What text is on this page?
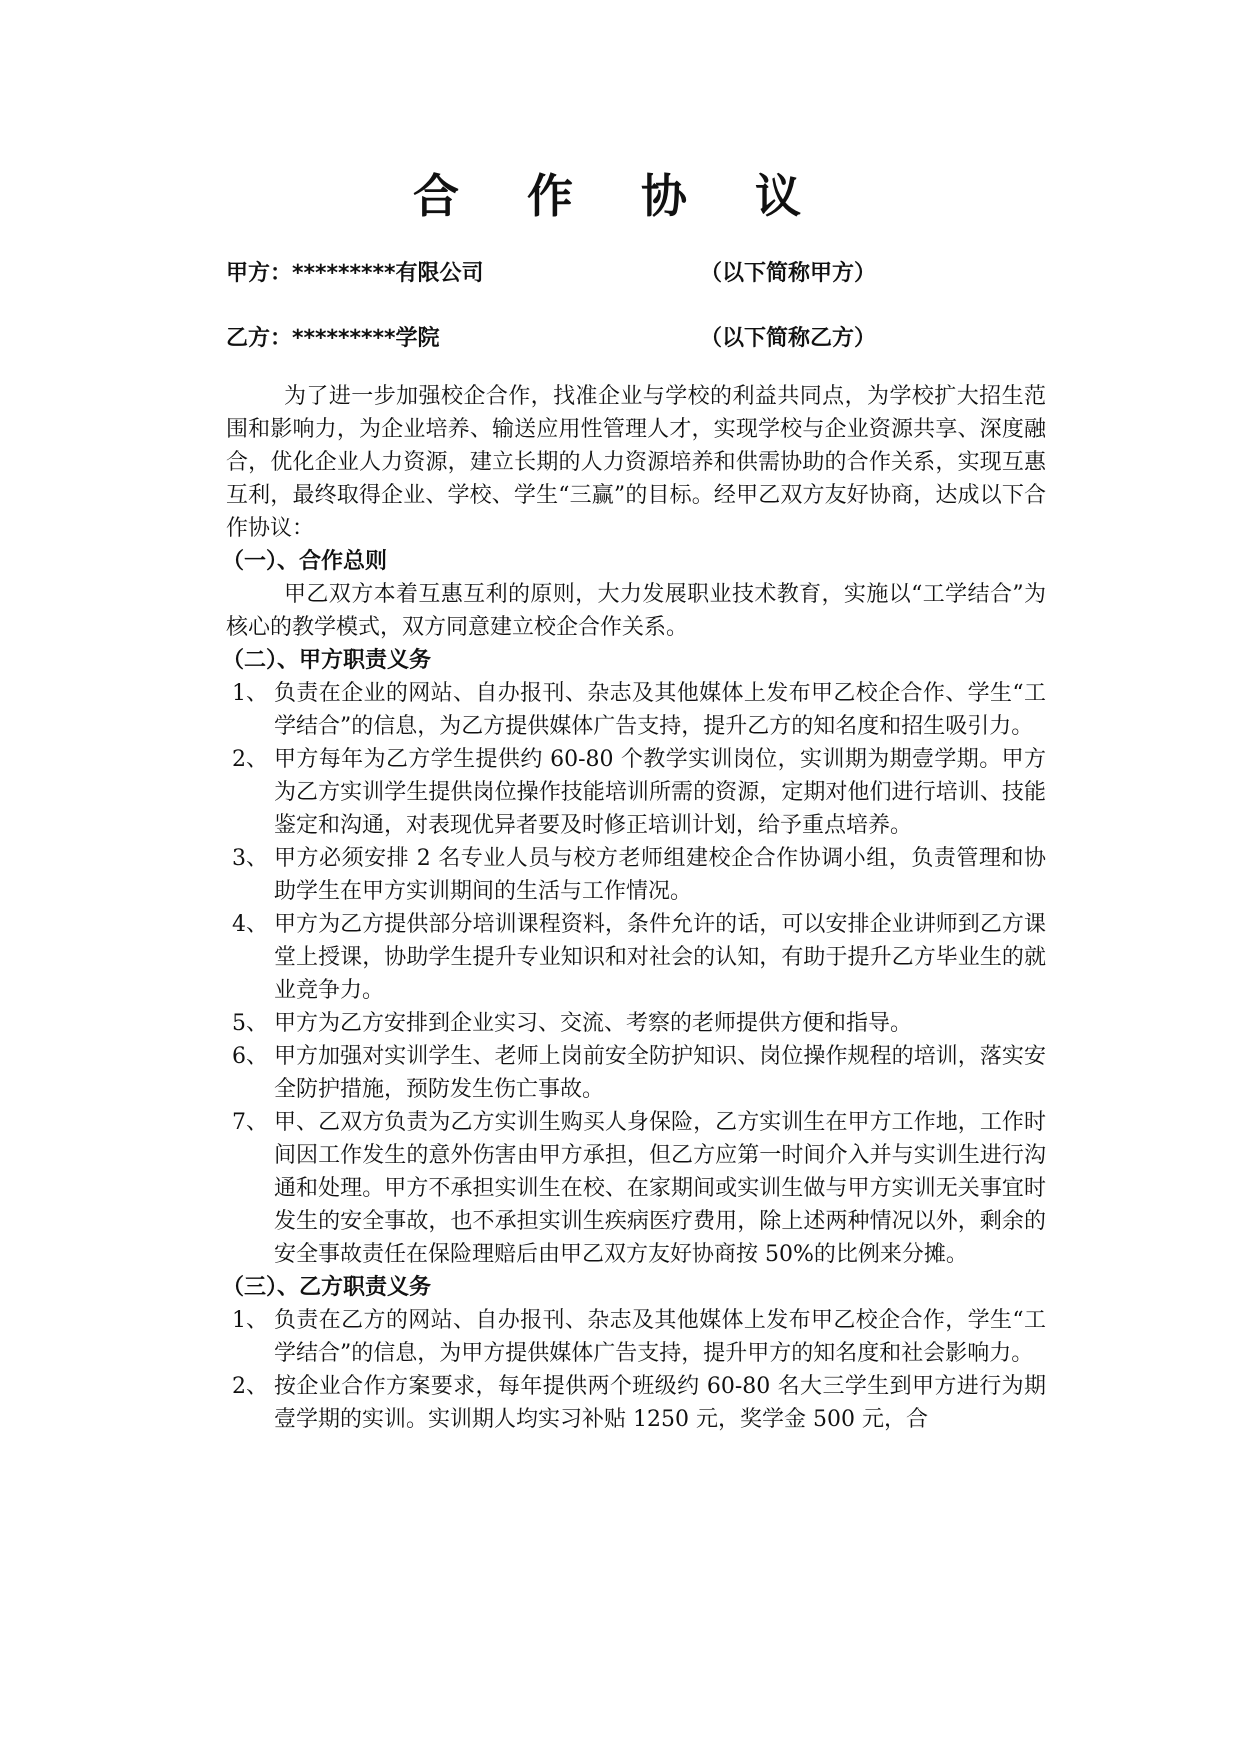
合 作 协 议
甲方：*********有限公司	（以下简称甲方）
乙方：*********学院	（以下简称乙方）

为了进一步加强校企合作，找准企业与学校的利益共同点，为学校扩大招生范围和影响力，为企业培养、输送应用性管理人才，实现学校与企业资源共享、深度融合，优化企业人力资源，建立长期的人力资源培养和供需协助的合作关系，实现互惠互利，最终取得企业、学校、学生“三赢”的目标。经甲乙双方友好协商，达成以下合作协议：

（一）、合作总则

甲乙双方本着互惠互利的原则，大力发展职业技术教育，实施以“工学结合”为核心的教学模式，双方同意建立校企合作关系。

（二）、甲方职责义务

1、 负责在企业的网站、自办报刊、杂志及其他媒体上发布甲乙校企合作、学生“工学结合”的信息，为乙方提供媒体广告支持，提升乙方的知名度和招生吸引力。
2、 甲方每年为乙方学生提供约 60-80 个教学实训岗位，实训期为期壹学期。甲方为乙方实训学生提供岗位操作技能培训所需的资源，定期对他们进行培训、技能鉴定和沟通，对表现优异者要及时修正培训计划，给予重点培养。
3、 甲方必须安排 2 名专业人员与校方老师组建校企合作协调小组，负责管理和协助学生在甲方实训期间的生活与工作情况。
4、 甲方为乙方提供部分培训课程资料，条件允许的话，可以安排企业讲师到乙方课堂上授课，协助学生提升专业知识和对社会的认知，有助于提升乙方毕业生的就业竞争力。
5、 甲方为乙方安排到企业实习、交流、考察的老师提供方便和指导。
6、 甲方加强对实训学生、老师上岗前安全防护知识、岗位操作规程的培训，落实安全防护措施，预防发生伤亡事故。
7、 甲、乙双方负责为乙方实训生购买人身保险，乙方实训生在甲方工作地，工作时间因工作发生的意外伤害由甲方承担，但乙方应第一时间介入并与实训生进行沟通和处理。甲方不承担实训生在校、在家期间或实训生做与甲方实训无关事宜时发生的安全事故，也不承担实训生疾病医疗费用，除上述两种情况以外，剩余的安全事故责任在保险理赔后由甲乙双方友好协商按 50%的比例来分摊。

（三）、乙方职责义务

1、 负责在乙方的网站、自办报刊、杂志及其他媒体上发布甲乙校企合作，学生“工学结合”的信息，为甲方提供媒体广告支持，提升甲方的知名度和社会影响力。
2、 按企业合作方案要求，每年提供两个班级约 60-80 名大三学生到甲方进行为期壹学期的实训。实训期人均实习补贴 1250 元，奖学金 500 元，合
